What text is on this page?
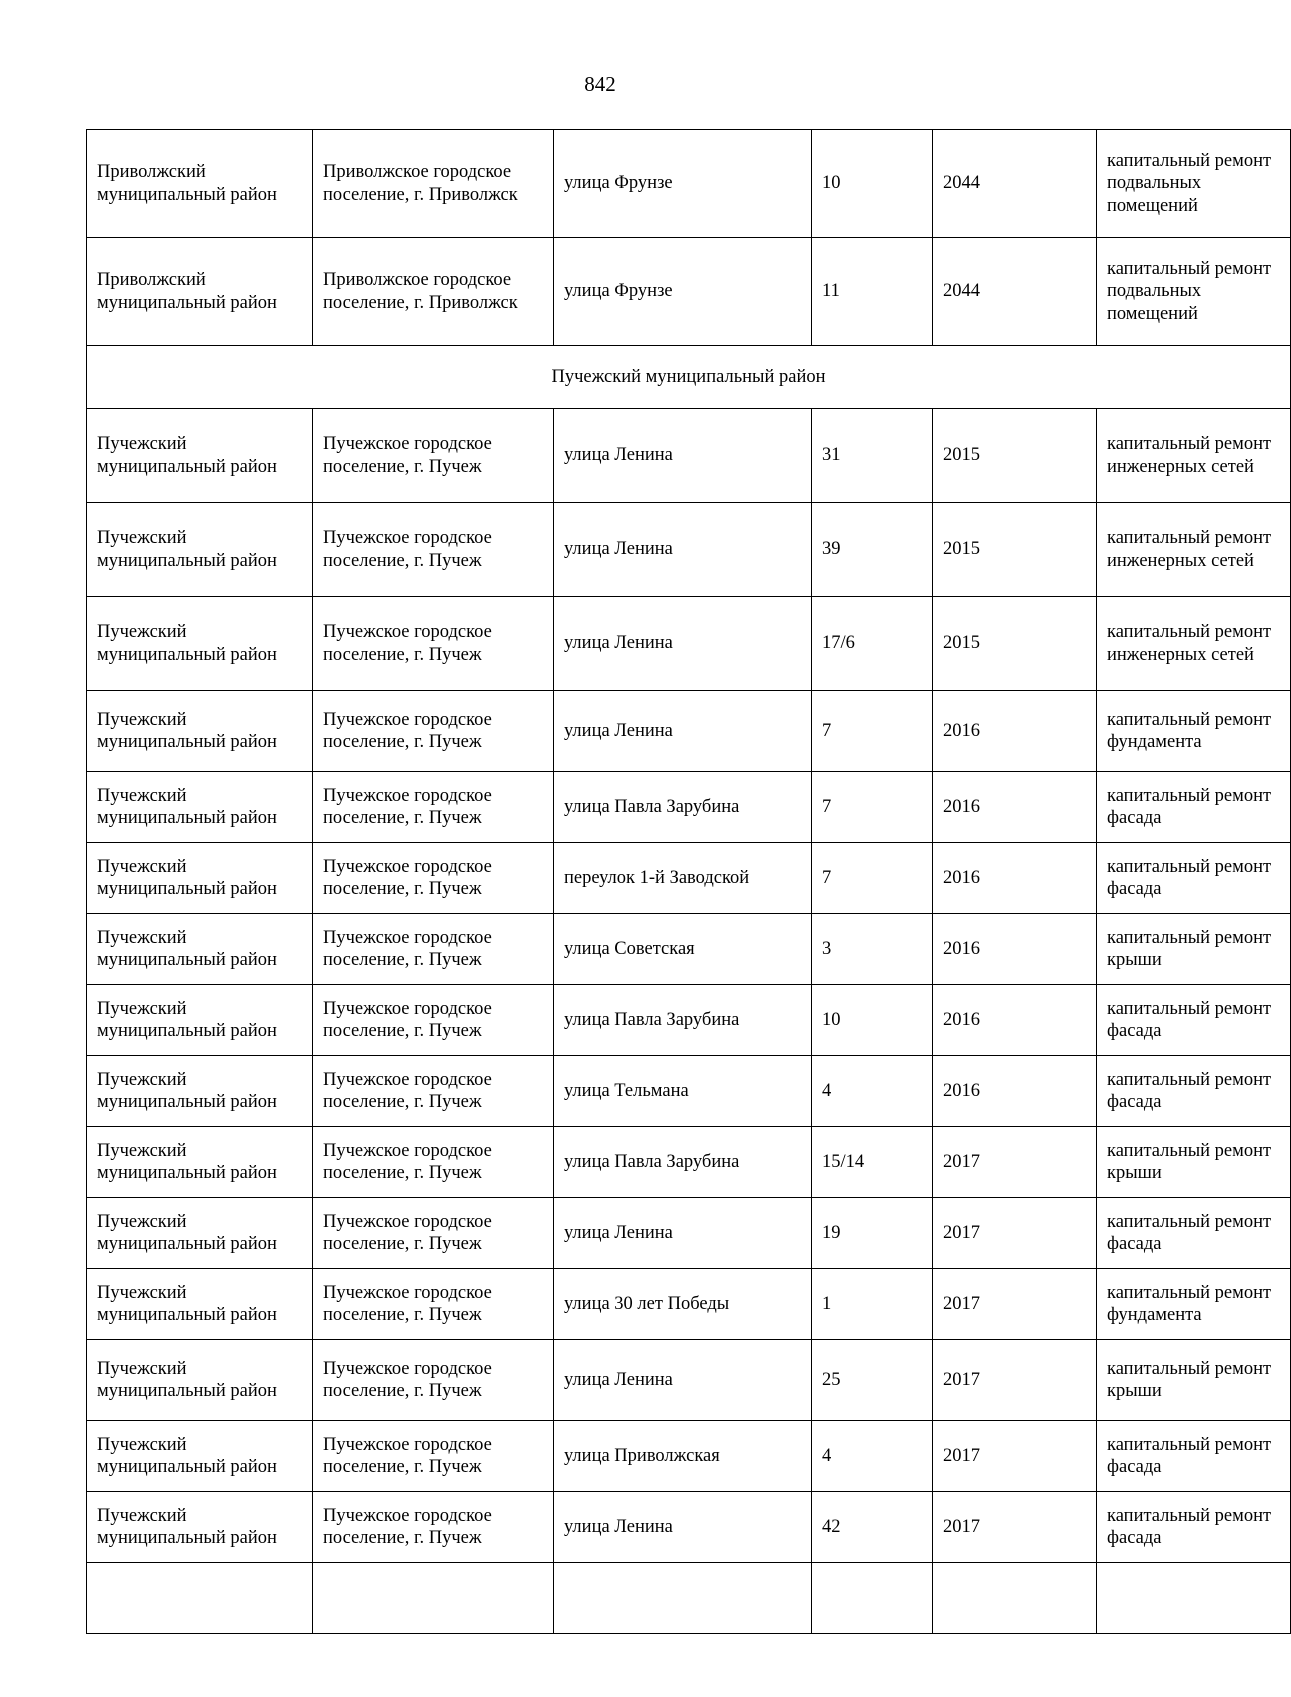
842
Приволжский муниципальный район	Приволжское городское поселение, г. Приволжск	улица Фрунзе	10	2044	капитальный ремонт подвальных помещений
Приволжский муниципальный район	Приволжское городское поселение, г. Приволжск	улица Фрунзе	11	2044	капитальный ремонт подвальных помещений
Пучежский муниципальный район					
Пучежский муниципальный район	Пучежское городское поселение, г. Пучеж	улица Ленина	31	2015	капитальный ремонт инженерных сетей
Пучежский муниципальный район	Пучежское городское поселение, г. Пучеж	улица Ленина	39	2015	капитальный ремонт инженерных сетей
Пучежский муниципальный район	Пучежское городское поселение, г. Пучеж	улица Ленина	17/6	2015	капитальный ремонт инженерных сетей
Пучежский муниципальный район	Пучежское городское поселение, г. Пучеж	улица Ленина	7	2016	капитальный ремонт фундамента
Пучежский муниципальный район	Пучежское городское поселение, г. Пучеж	улица Павла Зарубина	7	2016	капитальный ремонт фасада
Пучежский муниципальный район	Пучежское городское поселение, г. Пучеж	переулок 1-й Заводской	7	2016	капитальный ремонт фасада
Пучежский муниципальный район	Пучежское городское поселение, г. Пучеж	улица Советская	3	2016	капитальный ремонт крыши
Пучежский муниципальный район	Пучежское городское поселение, г. Пучеж	улица Павла Зарубина	10	2016	капитальный ремонт фасада
Пучежский муниципальный район	Пучежское городское поселение, г. Пучеж	улица Тельмана	4	2016	капитальный ремонт фасада
Пучежский муниципальный район	Пучежское городское поселение, г. Пучеж	улица Павла Зарубина	15/14	2017	капитальный ремонт крыши
Пучежский муниципальный район	Пучежское городское поселение, г. Пучеж	улица Ленина	19	2017	капитальный ремонт фасада
Пучежский муниципальный район	Пучежское городское поселение, г. Пучеж	улица 30 лет Победы	1	2017	капитальный ремонт фундамента
Пучежский муниципальный район	Пучежское городское поселение, г. Пучеж	улица Ленина	25	2017	капитальный ремонт крыши
Пучежский муниципальный район	Пучежское городское поселение, г. Пучеж	улица Приволжская	4	2017	капитальный ремонт фасада
Пучежский муниципальный район	Пучежское городское поселение, г. Пучеж	улица Ленина	42	2017	капитальный ремонт фасада
